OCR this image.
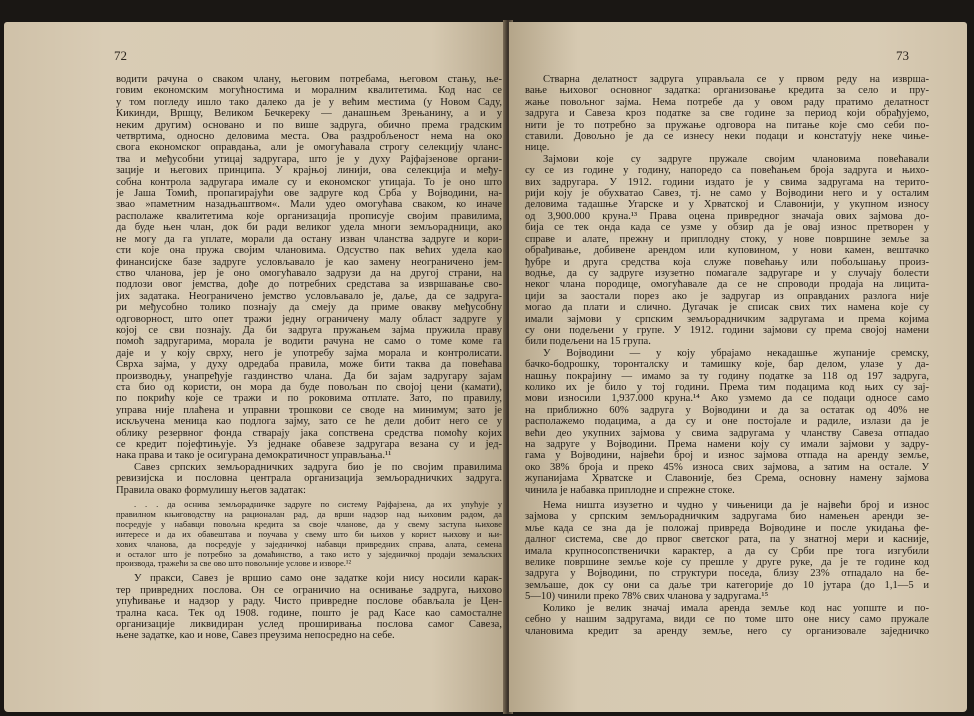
72
водити рачуна о сваком члану, његовим потребама, његовом стању, ње-
говим економским могућностима и моралним квалитетима. Код нас се
у том погледу ишло тако далеко да је у већим местима (у Новом Саду,
Кикинди, Вршцу, Великом Бечкереку — данашњем Зрењанину, а и у
неким другим) основано и по више задруга, обично према градским
четвртима, односно деловима места. Ова раздробљеност нема на око
свога економског оправдања, али је омогућавала строгу селекцију чланс-
тва и међусобни утицај задругара, што је у духу Рајфајзенове органи-
зације и његових принципа. У крајњој линији, ова селекција и међу-
собна контрола задругара имале су и економског утицаја. То је оно што
је Јаша Томић, пропагирајући ове задруге код Срба у Војводини, на-
звао »паметним назадњаштвом«. Мали удео омогућава сваком, ко иначе
располаже квалитетима које организација прописује својим правилима,
да буде њен члан, док би ради великог удела многи земљорадници, ако
не могу да га уплате, морали да остану изван чланства задруге и кори-
сти које она пружа својим члановима. Одсуство пак већих удела као
финансијске базе задруге условљавало је као замену неограничено јем-
ство чланова, јер је оно омогућавало задрузи да на другој страни, на
подлози овог јемства, дође до потребних средстава за извршавање сво-
јих задатака. Неограничено јемство условљавало је, даље, да се задруга-
ри међусобно толико познају да смеју да приме овакву међусобну
одговорност, што опет тражи једну ограничену малу област задруге у
којој се сви познају. Да би задруга пружањем зајма пружила праву
помоћ задругарима, морала је водити рачуна не само о томе коме га
даје и у коју сврху, него је употребу зајма морала и контролисати.
Сврха зајма, у духу одредаба правила, може бити таква да повећава
производњу, унапређује газдинство члана. Да би зајам задругару зајам
ста био од користи, он мора да буде повољан по својој цени (камати),
по покрићу које се тражи и по роковима отплате. Зато, по правилу,
управа није плаћена и управни трошкови се своде на минимум; зато је
искључена меница као подлога зајму, зато се he дели добит него се у
облику резервног фонда стварају јака сопствена средства помоћу којих
се кредит појефтињује. Уз једнаке обавезе задругара везана су и јед-
нака права и тако је осигурана демократичност управљања.¹¹
Савез српских земљорадничких задруга био је по својим правилима
ревизијска и пословна централа организација земљорадничких задруга.
Правила овако формулишу његов задатак:
. . . да оснива земљорадничке задруге по систему Рајфајзена, да их упућује у
правилном књиговодству на рационалан рад, да врши надзор над њиховим радом, да
посредује у набавци повољна кредита за своје чланове, да у свему заступа њихове
интересе и да их обавештава и поучава у свему што би њихов у корист њихову и њи-
хових чланова, да посредује у заједничкој набавци привредних справа, алата, семена
и осталог што је потребно за домаћинство, а тако исто у заједничкој продаји земаљских
производа, тражећи за све ово што повољније услове и изворе.¹²
У пракси, Савез је вршио само оне задатке који нису носили карак-
тер привредних послова. Он се ограничио на оснивање задруга, њихово
упућивање и надзор у раду. Чисто привредне послове обављала је Цен-
трална каса. Тек од 1908. године, пошто је рад Касе као самосталне
организације ликвидиран услед проширивања пословa самог Савеза,
њене задатке, као и нове, Савез преузима непосредно на себе.
73
Стварна делатност задруга управљала се у првом реду на изврша-
вање њиховог основног задатка: организовање кредита за село и пру-
жање повољног зајма. Нема потребе да у овом раду пратимо делатност
задруга и Савеза кроз податке за све године за период који обрађујемо,
нити је то потребно за пружање одговора на питање које смо себи по-
ставили. Довољно је да се изнесу неки подаци и констатују неке чиње-
нице.
Зајмови које су задруге пружале својим члановима повећавали
су се из године у годину, напоредо са повећањем броја задруга и њихо-
вих задругара. У 1912. години издато је у свима задругама на терито-
рији коју је обухватао Савез, тј. не само у Војводини него и у осталим
деловима тадашње Угарске и у Хрватској и Славонији, у укупном износу
од 3,900.000 круна.¹³ Права оцена привредног значаја ових зајмова до-
бија се тек онда када се узме у обзир да је овај износ претворен у
справе и алате, прежну и приплодну стоку, у нове површине земље за
обрађивање, добивене арендом или куповином, у нови камен, вештачко
ђубре и друга средства која служе повећању или побољшању произ-
водње, да су задруге изузетно помагале задругаре и у случају болести
неког члана породице, омогућавале да се не спроводи продаја на лицита-
цији за заостали порез ако је задругар из оправданих разлога није
могао да плати и слично. Дугачак је списак свих тих намена које су
имали зајмови у српским земљорадничким задругама и према којима
су они подељени у групе. У 1912. години зајмови су према својој намени
били подељени на 15 група.
У Војводини — у коју убрајамо некадашње жупаније сремску,
бачко-бодрошку, торонталску и тамишку које, бар делом, улазе у да-
нашњу покрајину — имамо за ту годину податке за 118 од 197 задруга,
колико их је било у тој години. Према тим подацима код њих су зај-
мови износили 1,937.000 круна.¹⁴ Ако узмемо да се подаци односе само
на приближно 60% задруга у Војводини и да за остатак од 40% не
располажемо подацима, а да су и оне постојале и радиле, излази да је
већи део укупних зајмова у свима задругама у чланству Савеза отпадао
на задруге у Војводини. Према намени коју су имали зајмови у задру-
гама у Војводини, највећи број и износ зајмова отпада на аренду земље,
око 38% броја и преко 45% износа свих зајмова, а затим на остале. У
жупанијама Хрватске и Славоније, без Срема, основну намену зајмова
чинила је набавка приплодне и спрежне стоке.
Нема ништа изузетно и чудно у чињеници да је највећи број и износ
зајмова у српским земљорадничким задругама био намењен аренди зе-
мље када се зна да је положај привреда Војводине и после укидања фе-
далног система, све до првог светског рата, па у знатној мери и касније,
имала крупносопственички карактер, а да су Срби пре тога изгубили
велике површине земље које су прешле у друге руке, да је те године код
задруга у Војводини, по структури поседа, близу 23% отпадало на бе-
земљаше, док су они са даље три категорије до 10 јутара (до 1,1—5 и
5—10) чинили преко 78% свих чланова у задругама.¹⁵
Колико је велик значај имала аренда земље код нас уопште и по-
себно у нашим задругама, види се по томе што оне нису само пружале
члановима кредит за аренду земље, него су организовале заједничко
